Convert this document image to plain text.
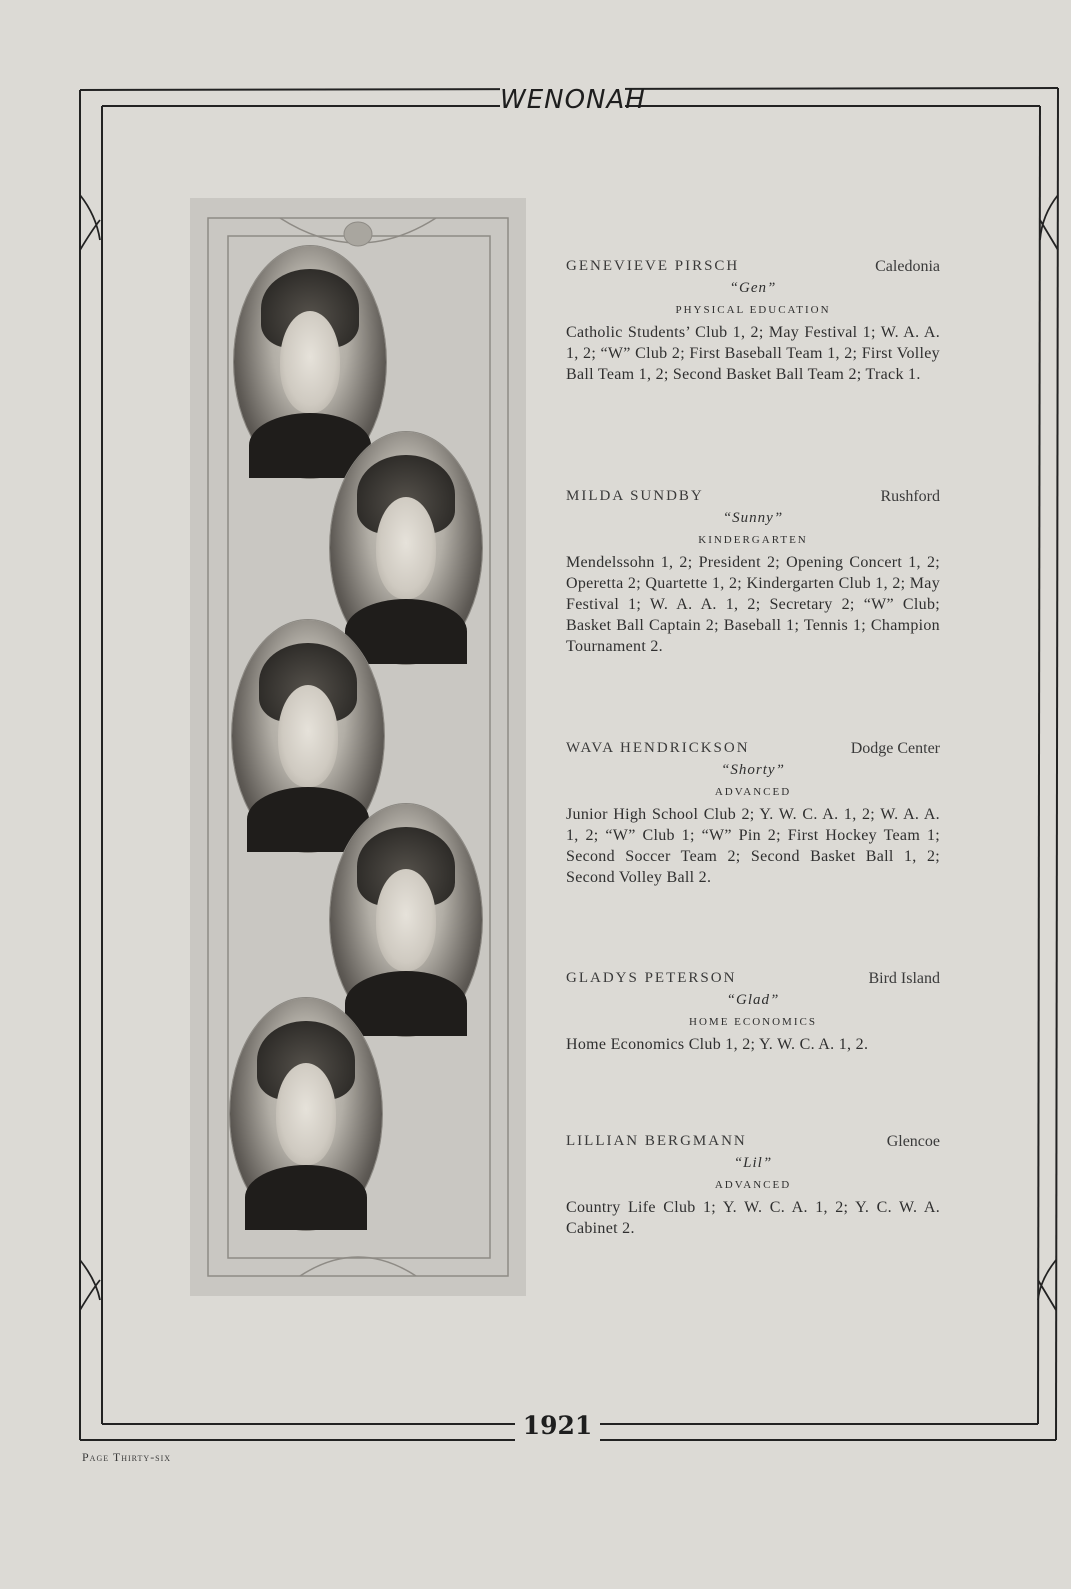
WENONAH
1921
Page Thirty-six
GENEVIEVE PIRSCH	Caledonia
“Gen”
PHYSICAL EDUCATION
Catholic Students’ Club 1, 2; May Festival 1; W. A. A. 1, 2; “W” Club 2; First Baseball Team 1, 2; First Volley Ball Team 1, 2; Second Basket Ball Team 2; Track 1.
MILDA SUNDBY	Rushford
“Sunny”
KINDERGARTEN
Mendelssohn 1, 2; President 2; Opening Concert 1, 2; Operetta 2; Quartette 1, 2; Kindergarten Club 1, 2; May Festival 1; W. A. A. 1, 2; Secretary 2; “W” Club; Basket Ball Captain 2; Baseball 1; Tennis 1; Champion Tournament 2.
WAVA HENDRICKSON	Dodge Center
“Shorty”
ADVANCED
Junior High School Club 2; Y. W. C. A. 1, 2; W. A. A. 1, 2; “W” Club 1; “W” Pin 2; First Hockey Team 1; Second Soccer Team 2; Second Basket Ball 1, 2; Second Volley Ball 2.
GLADYS PETERSON	Bird Island
“Glad”
HOME ECONOMICS
Home Economics Club 1, 2; Y. W. C. A. 1, 2.
LILLIAN BERGMANN	Glencoe
“Lil”
ADVANCED
Country Life Club 1; Y. W. C. A. 1, 2; Y. C. W. A. Cabinet 2.
